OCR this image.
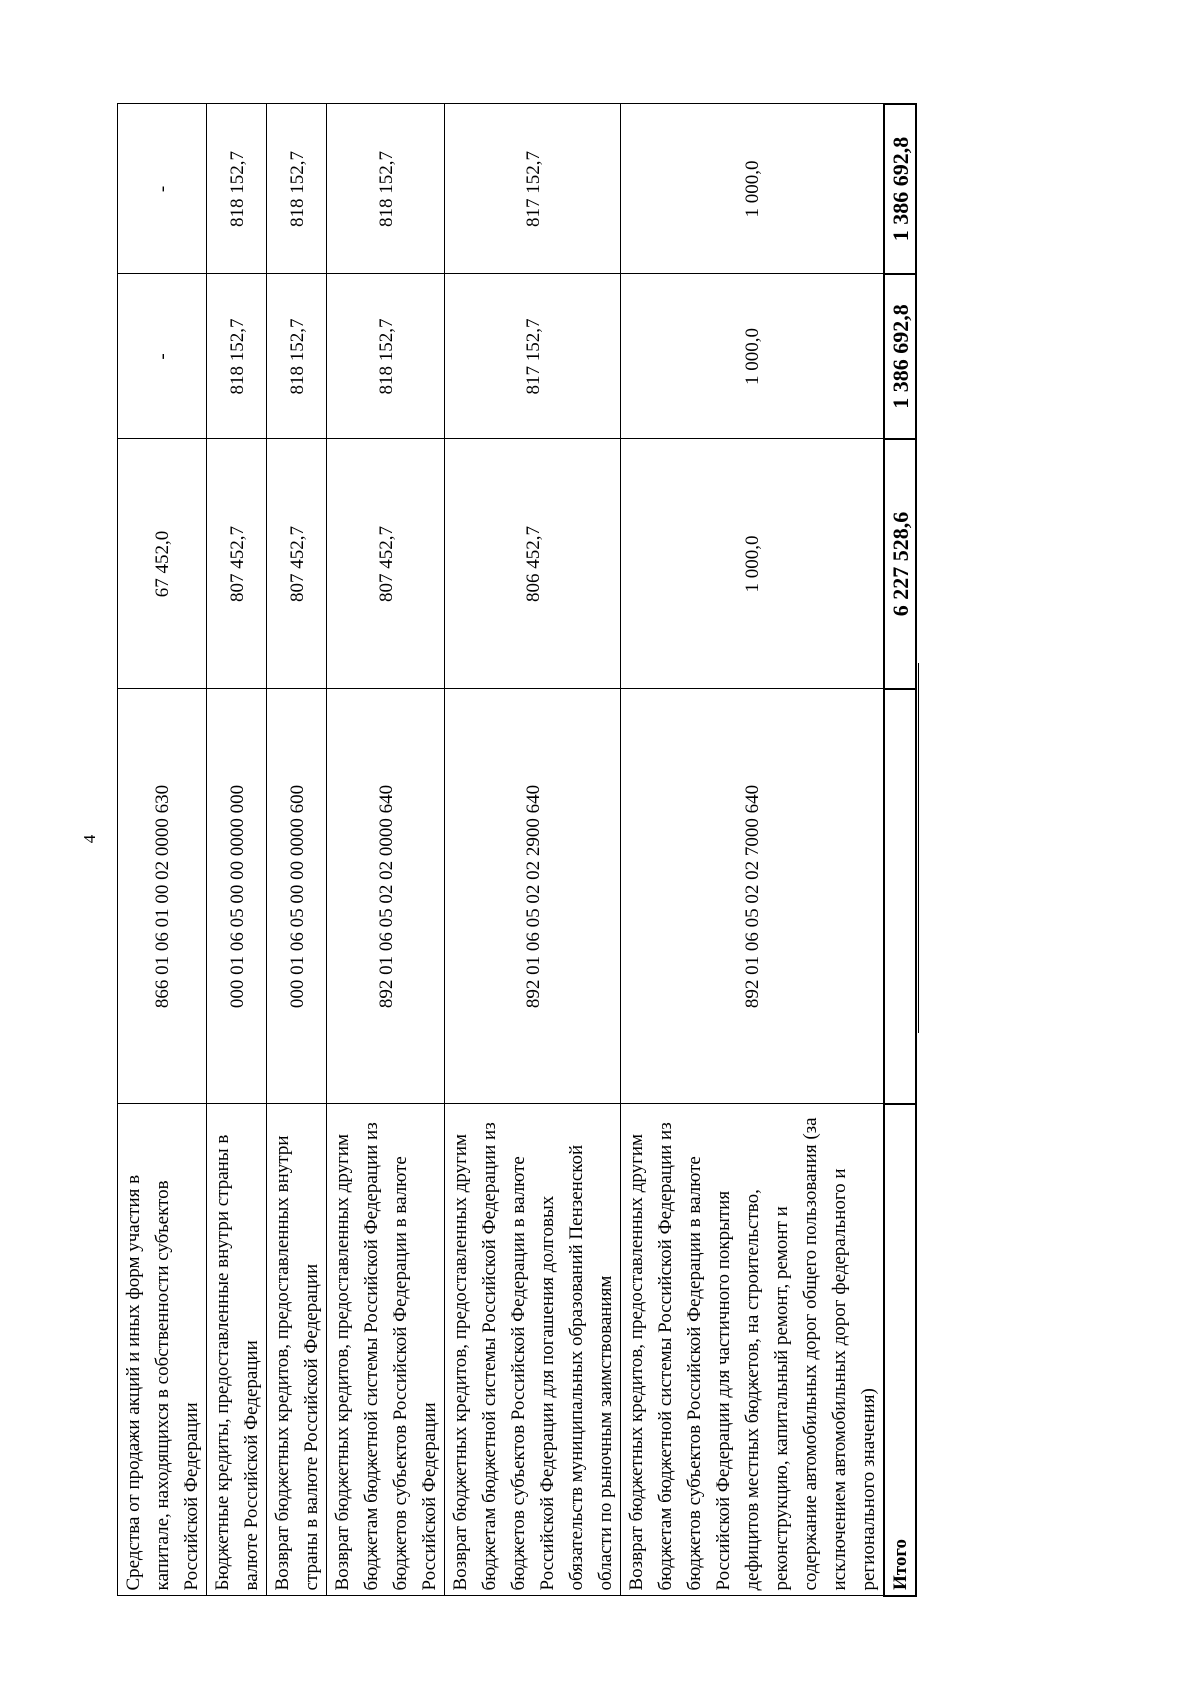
4
Средства от продажи акций и иных форм участия в капитале, находящихся в собственности субъектов Российской Федерации	866 01 06 01 00 02 0000 630	67 452,0	-	-
Бюджетные кредиты, предоставленные внутри страны в валюте Российской Федерации	000 01 06 05 00 00 0000 000	807 452,7	818 152,7	818 152,7
Возврат бюджетных кредитов, предоставленных внутри страны в валюте Российской Федерации	000 01 06 05 00 00 0000 600	807 452,7	818 152,7	818 152,7
Возврат бюджетных кредитов, предоставленных другим бюджетам бюджетной системы Российской Федерации из бюджетов субъектов Российской Федерации в валюте Российской Федерации	892 01 06 05 02 02 0000 640	807 452,7	818 152,7	818 152,7
Возврат бюджетных кредитов, предоставленных другим бюджетам бюджетной системы Российской Федерации из бюджетов субъектов Российской Федерации в валюте Российской Федерации для погашения долговых обязательств муниципальных образований Пензенской области по рыночным заимствованиям	892 01 06 05 02 02 2900 640	806 452,7	817 152,7	817 152,7
Возврат бюджетных кредитов, предоставленных другим бюджетам бюджетной системы Российской Федерации из бюджетов субъектов Российской Федерации в валюте Российской Федерации для частичного покрытия дефицитов местных бюджетов, на строительство, реконструкцию, капитальный ремонт, ремонт и содержание автомобильных дорог общего пользования (за исключением автомобильных дорог федерального и регионального значения)	892 01 06 05 02 02 7000 640	1 000,0	1 000,0	1 000,0
Итого		6 227 528,6	1 386 692,8	1 386 692,8
